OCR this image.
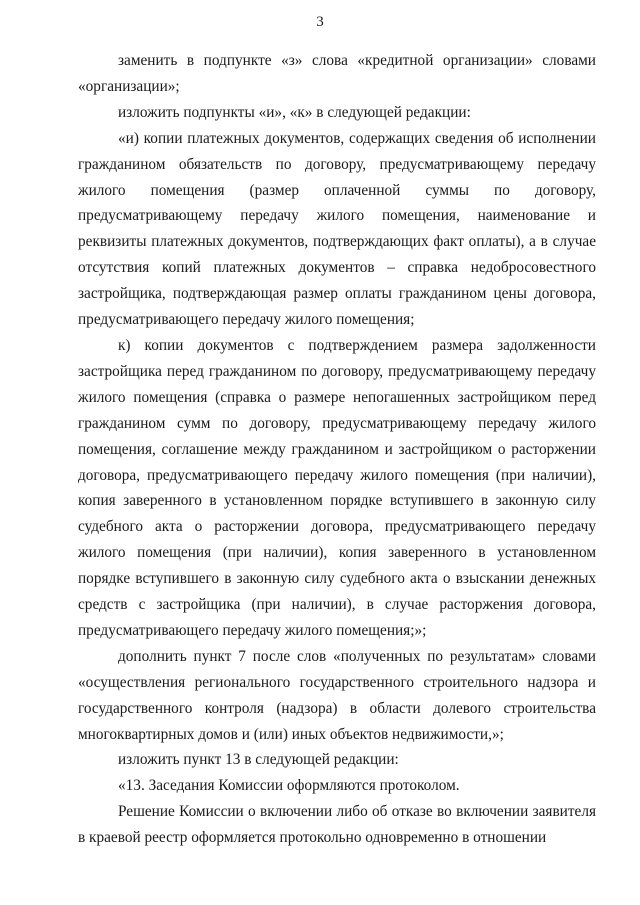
3

заменить в подпункте «з» слова «кредитной организации» словами «организации»;

изложить подпункты «и», «к» в следующей редакции:

«и) копии платежных документов, содержащих сведения об исполнении гражданином обязательств по договору, предусматривающему передачу жилого помещения (размер оплаченной суммы по договору, предусматривающему передачу жилого помещения, наименование и реквизиты платежных документов, подтверждающих факт оплаты), а в случае отсутствия копий платежных документов – справка недобросовестного застройщика, подтверждающая размер оплаты гражданином цены договора, предусматривающего передачу жилого помещения;

к) копии документов с подтверждением размера задолженности застройщика перед гражданином по договору, предусматривающему передачу жилого помещения (справка о размере непогашенных застройщиком перед гражданином сумм по договору, предусматривающему передачу жилого помещения, соглашение между гражданином и застройщиком о расторжении договора, предусматривающего передачу жилого помещения (при наличии), копия заверенного в установленном порядке вступившего в законную силу судебного акта о расторжении договора, предусматривающего передачу жилого помещения (при наличии), копия заверенного в установленном порядке вступившего в законную силу судебного акта о взыскании денежных средств с застройщика (при наличии), в случае расторжения договора, предусматривающего передачу жилого помещения;»;

дополнить пункт 7 после слов «полученных по результатам» словами «осуществления регионального государственного строительного надзора и государственного контроля (надзора) в области долевого строительства многоквартирных домов и (или) иных объектов недвижимости,»;

изложить пункт 13 в следующей редакции:

«13. Заседания Комиссии оформляются протоколом.

Решение Комиссии о включении либо об отказе во включении заявителя в краевой реестр оформляется протокольно одновременно в отношении
